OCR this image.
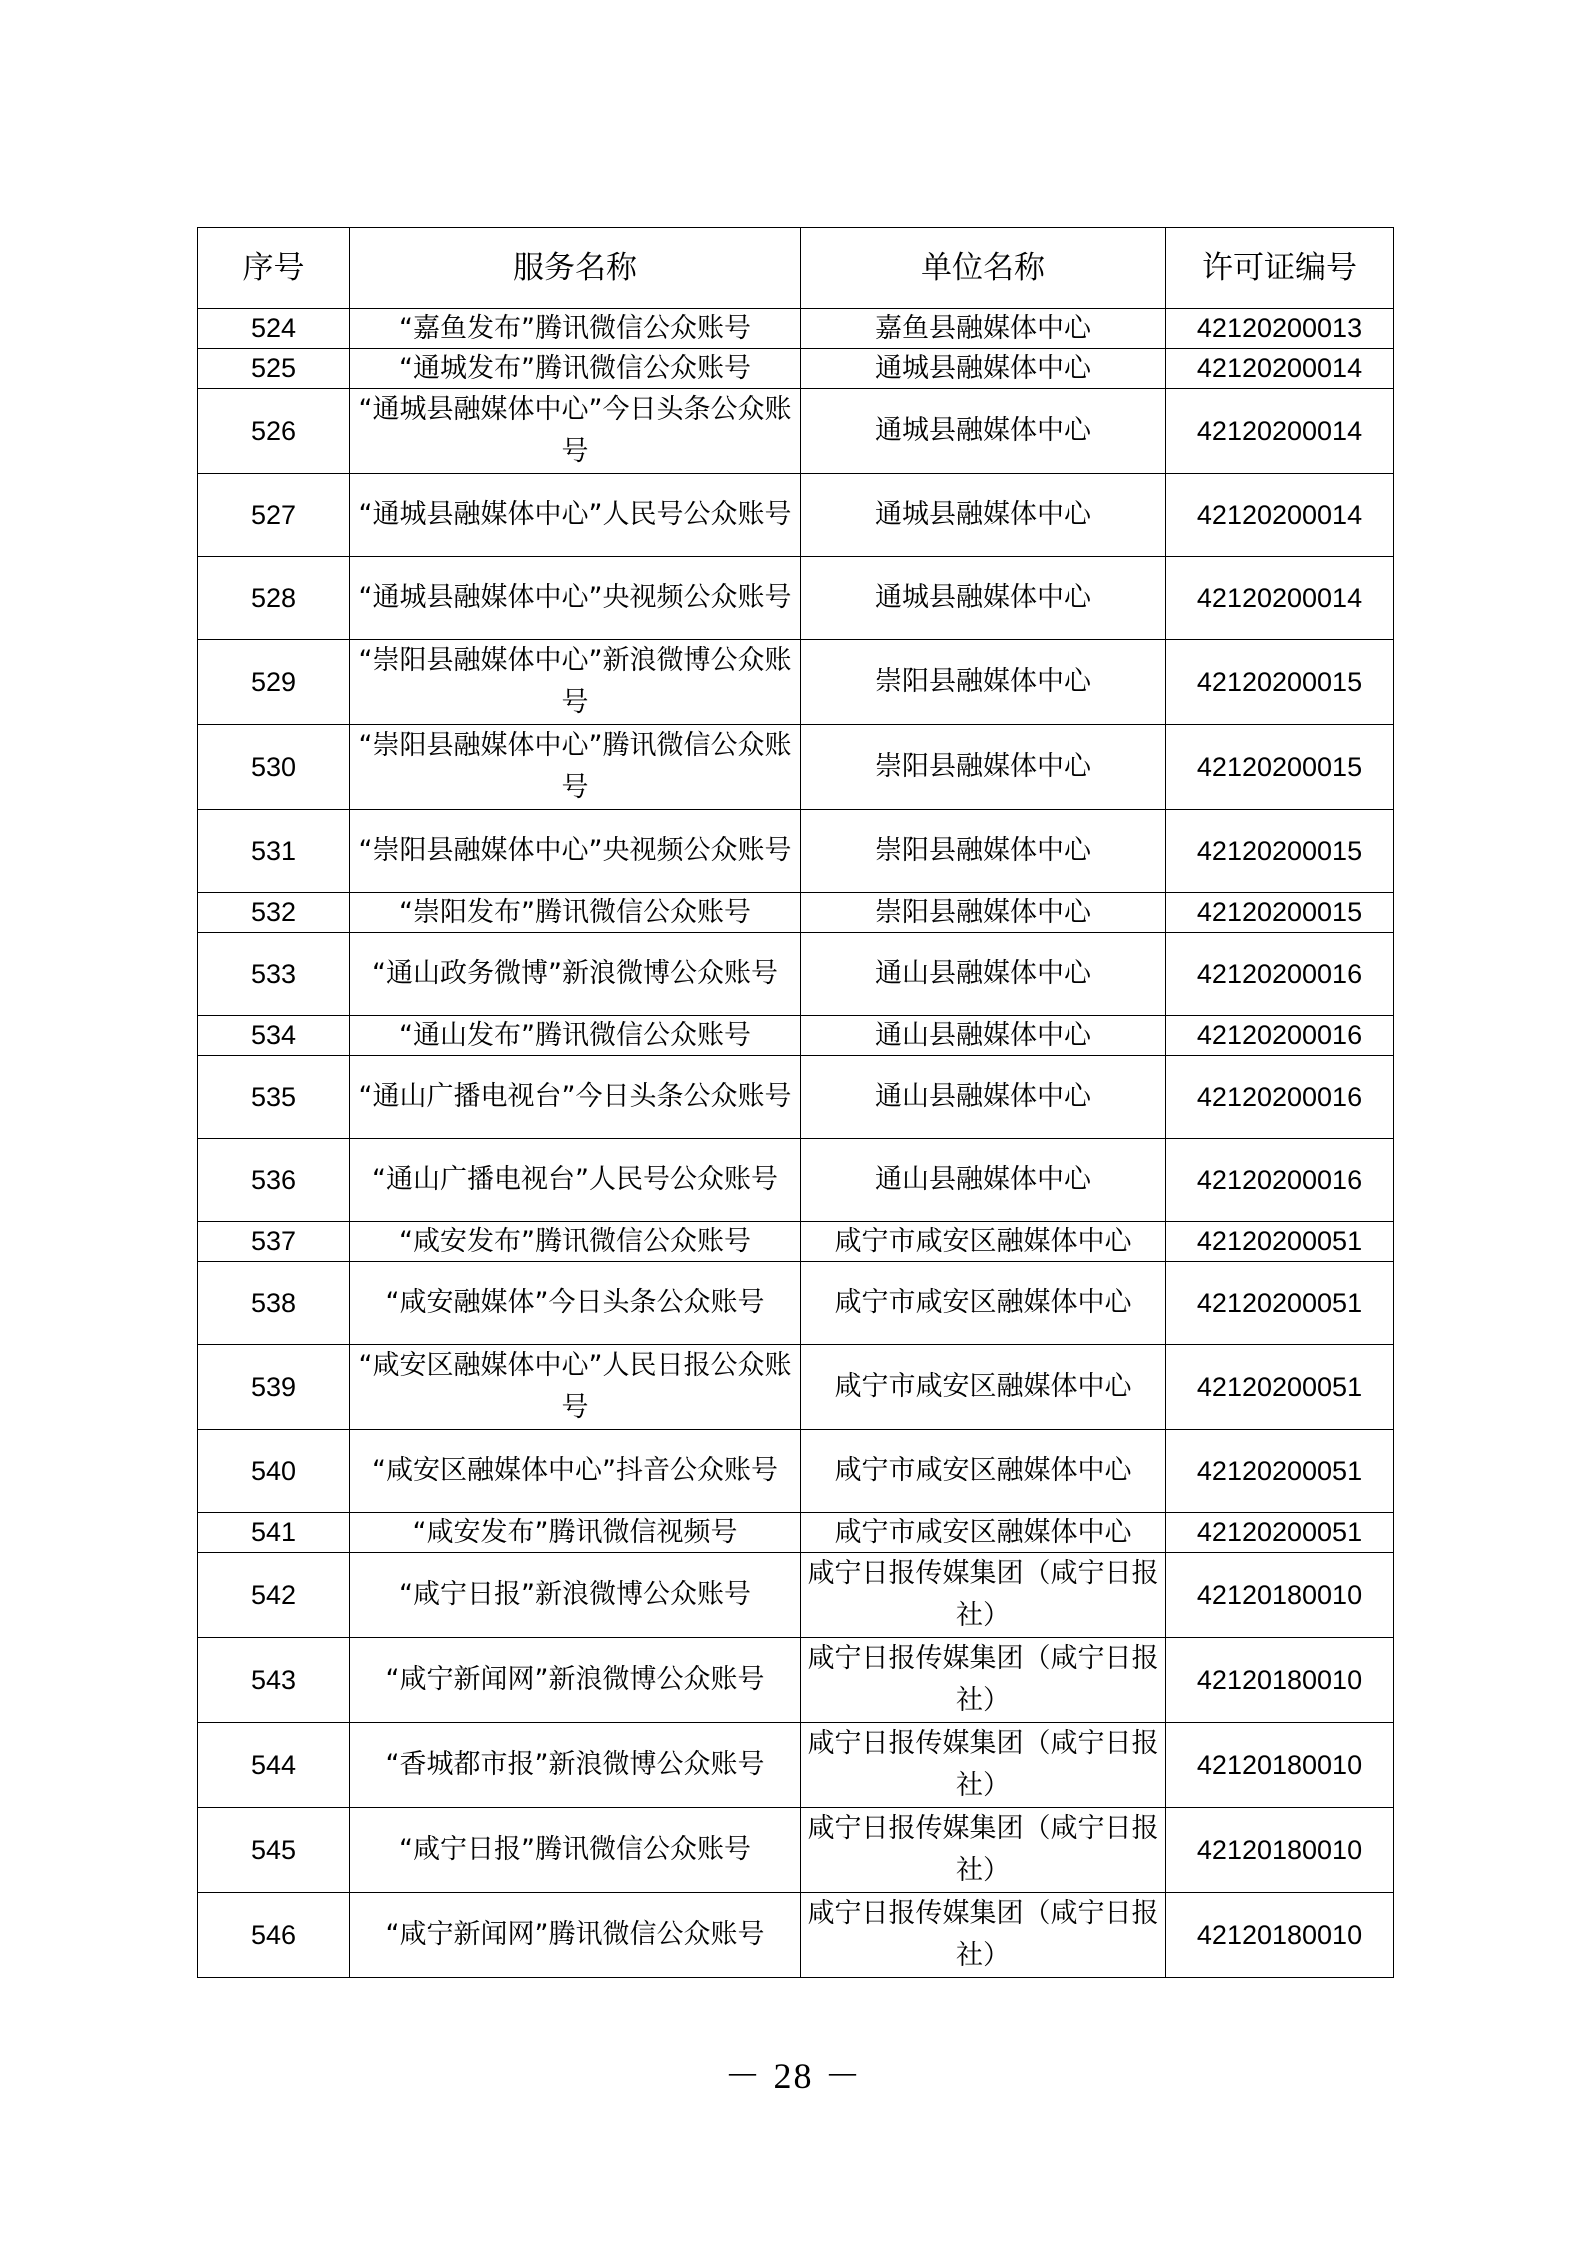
序号	服务名称	单位名称	许可证编号
524	“嘉鱼发布”腾讯微信公众账号	嘉鱼县融媒体中心	42120200013
525	“通城发布”腾讯微信公众账号	通城县融媒体中心	42120200014
526	“通城县融媒体中心”今日头条公众账号	通城县融媒体中心	42120200014
527	“通城县融媒体中心”人民号公众账号	通城县融媒体中心	42120200014
528	“通城县融媒体中心”央视频公众账号	通城县融媒体中心	42120200014
529	“崇阳县融媒体中心”新浪微博公众账号	崇阳县融媒体中心	42120200015
530	“崇阳县融媒体中心”腾讯微信公众账号	崇阳县融媒体中心	42120200015
531	“崇阳县融媒体中心”央视频公众账号	崇阳县融媒体中心	42120200015
532	“崇阳发布”腾讯微信公众账号	崇阳县融媒体中心	42120200015
533	“通山政务微博”新浪微博公众账号	通山县融媒体中心	42120200016
534	“通山发布”腾讯微信公众账号	通山县融媒体中心	42120200016
535	“通山广播电视台”今日头条公众账号	通山县融媒体中心	42120200016
536	“通山广播电视台”人民号公众账号	通山县融媒体中心	42120200016
537	“咸安发布”腾讯微信公众账号	咸宁市咸安区融媒体中心	42120200051
538	“咸安融媒体”今日头条公众账号	咸宁市咸安区融媒体中心	42120200051
539	“咸安区融媒体中心”人民日报公众账号	咸宁市咸安区融媒体中心	42120200051
540	“咸安区融媒体中心”抖音公众账号	咸宁市咸安区融媒体中心	42120200051
541	“咸安发布”腾讯微信视频号	咸宁市咸安区融媒体中心	42120200051
542	“咸宁日报”新浪微博公众账号	咸宁日报传媒集团（咸宁日报社）	42120180010
543	“咸宁新闻网”新浪微博公众账号	咸宁日报传媒集团（咸宁日报社）	42120180010
544	“香城都市报”新浪微博公众账号	咸宁日报传媒集团（咸宁日报社）	42120180010
545	“咸宁日报”腾讯微信公众账号	咸宁日报传媒集团（咸宁日报社）	42120180010
546	“咸宁新闻网”腾讯微信公众账号	咸宁日报传媒集团（咸宁日报社）	42120180010
－ 28 －
